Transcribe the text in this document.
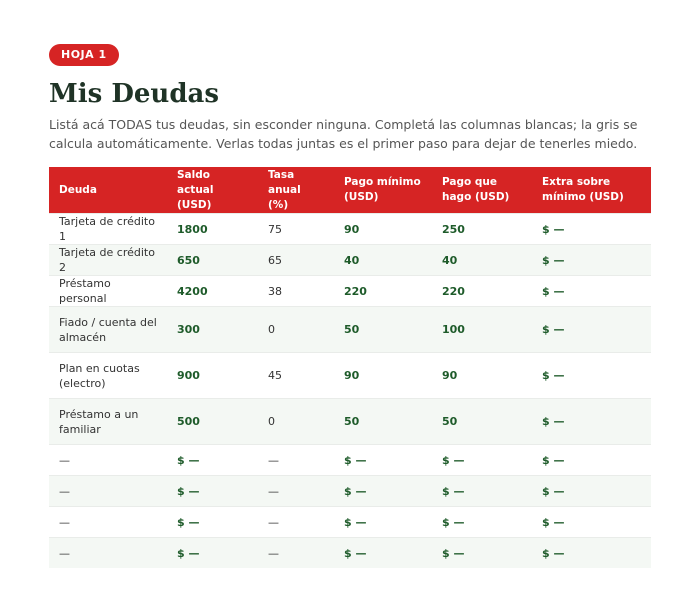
HOJA 1
Mis Deudas

Listá acá TODAS tus deudas, sin esconder ninguna. Completá las columnas blancas; la gris se calcula automáticamente. Verlas todas juntas es el primer paso para dejar de tenerles miedo.

Deuda	Saldo actual (USD)	Tasa anual (%)	Pago mínimo (USD)	Pago que hago (USD)	Extra sobre mínimo (USD)
Tarjeta de crédito 1	1800	75	90	250	$ —
Tarjeta de crédito 2	650	65	40	40	$ —
Préstamo personal	4200	38	220	220	$ —
Fiado / cuenta del almacén	300	0	50	100	$ —
Plan en cuotas (electro)	900	45	90	90	$ —
Préstamo a un familiar	500	0	50	50	$ —
—	$ —	—	$ —	$ —	$ —
—	$ —	—	$ —	$ —	$ —
—	$ —	—	$ —	$ —	$ —
—	$ —	—	$ —	$ —	$ —
